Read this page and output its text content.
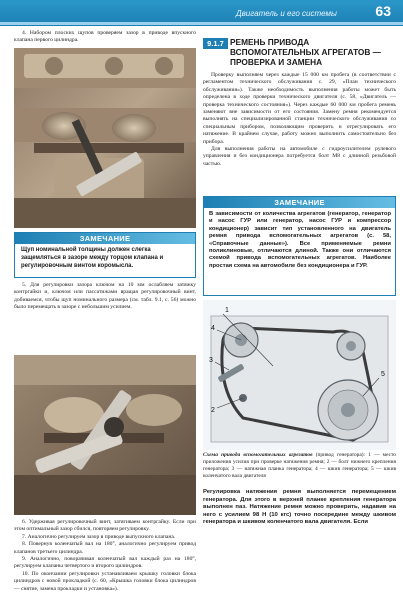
Двигатель и его системы	63

4. Набором плоских щупов проверяем зазор в приводе впускного клапана первого цилиндра.

ЗАМЕЧАНИЕ
Щуп номинальной толщины должен слегка защемляться в зазоре между торцом клапана и регулировочным винтом коромысла.

5. Для регулировки зазора ключом на 10 мм ослабляем затяжку контргайки и, ключом или пассатижами вращая регулировочный винт, добиваемся, чтобы щуп номинального размера (см. табл. 9.1, с. 56) можно было перемещать в зазоре с небольшим усилием.

6. Удерживая регулировочный винт, затягиваем контргайку. Если при этом оптимальный зазор сбился, повторяем регулировку.

7. Аналогично регулируем зазор в приводе выпускного клапана.

8. Повернув коленчатый вал на 180°, аналогично регулируем привод клапанов третьего цилиндра.

9. Аналогично, поворачивая коленчатый вал каждый раз на 180°, регулируем клапаны четвертого и второго цилиндров.

10. По окончании регулировки устанавливаем крышку головки блока цилиндров с новой прокладкой (с. 60, «Крышка головки блока цилиндров — снятие, замена прокладки и установка»).

9.1.7 РЕМЕНЬ ПРИВОДА ВСПОМОГАТЕЛЬНЫХ АГРЕГАТОВ — ПРОВЕРКА И ЗАМЕНА

Проверку выполняем через каждые 15 000 км пробега (в соответствии с регламентом технического обслуживания с. 29, «План технического обслуживания»). Также необходимость выполнения работы может быть определена в ходе проверки технического двигателя (с. 58, «Двигатель — проверка технического состояния»). Через каждые 60 000 км пробега ремень заменяют вне зависимости от его состояния. Замену ремня рекомендуется выполнять на специализированной станции технического обслуживания со специальным прибором, позволяющим проверить и отрегулировать его натяжение. В крайнем случае, работу можно выполнить самостоятельно без прибора.

Для выполнения работы на автомобиле с гидроусилителем рулевого управления и без кондиционера потребуется болт М8 с длинной резьбовой частью.

ЗАМЕЧАНИЕ
В зависимости от количества агрегатов (генератор, генератор и насос ГУР или генератор, насос ГУР и компрессор кондиционер) зависит тип установленного на двигатель ремня привода вспомогательных агрегатов (с. 58, «Справочные данные»). Все применяемые ремни поликлиновые, отличаются длиной. Также они отличаются схемой привода вспомогательных агрегатов. Наиболее простая схема на автомобиле без кондиционера и ГУР.
1
2
3
4
5
Схема привода вспомогательных агрегатов (привод генератора): 1 — место приложения усилия при проверке натяжения ремня; 2 — болт нижнего крепления генератора; 3 — натяжная планка генератора; 4 — шкив генератора; 5 — шкив коленчатого вала двигателя
Регулировка натяжения ремня выполняется перемещением генератора. Для этого в верхней планке крепления генератора выполнен паз. Натяжение ремня можно проверить, надавив на него с усилием 98 Н (10 кгс) точно посередине между шкивом генератора и шкивом коленчатого вала двигателя. Если
